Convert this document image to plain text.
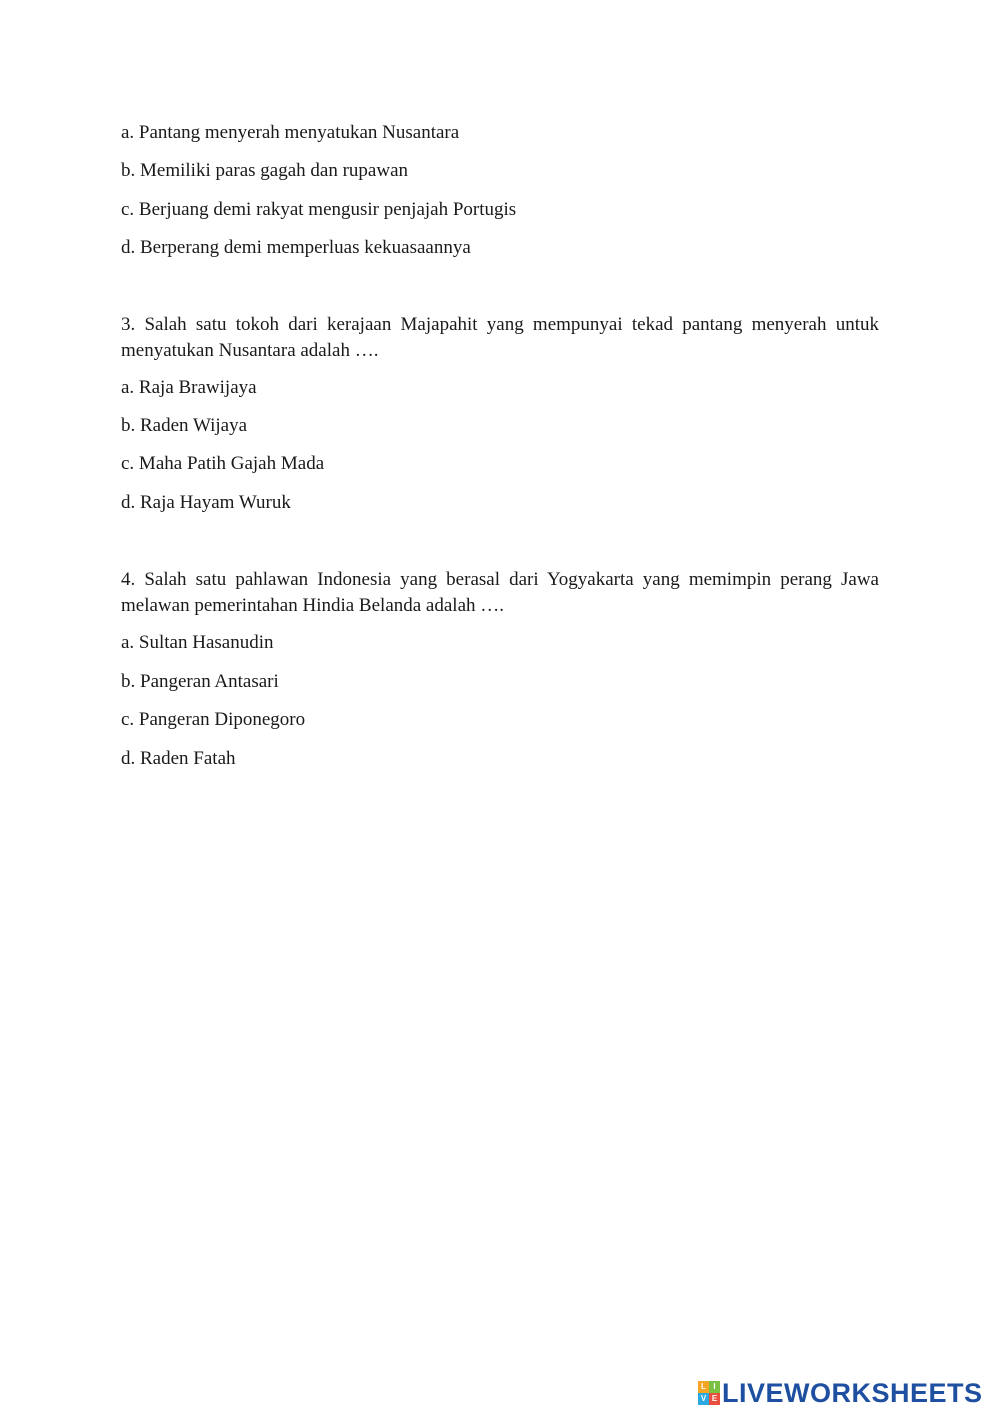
a. Pantang menyerah menyatukan Nusantara
b. Memiliki paras gagah dan rupawan
c. Berjuang demi rakyat mengusir penjajah Portugis
d. Berperang demi memperluas kekuasaannya
3. Salah satu tokoh dari kerajaan Majapahit yang mempunyai tekad pantang menyerah untuk menyatukan Nusantara adalah ….
a. Raja Brawijaya
b. Raden Wijaya
c. Maha Patih Gajah Mada
d. Raja Hayam Wuruk
4. Salah satu pahlawan Indonesia yang berasal dari Yogyakarta yang memimpin perang Jawa melawan pemerintahan Hindia Belanda adalah ….
a. Sultan Hasanudin
b. Pangeran Antasari
c. Pangeran Diponegoro
d. Raden Fatah
L I
V E LIVEWORKSHEETS
